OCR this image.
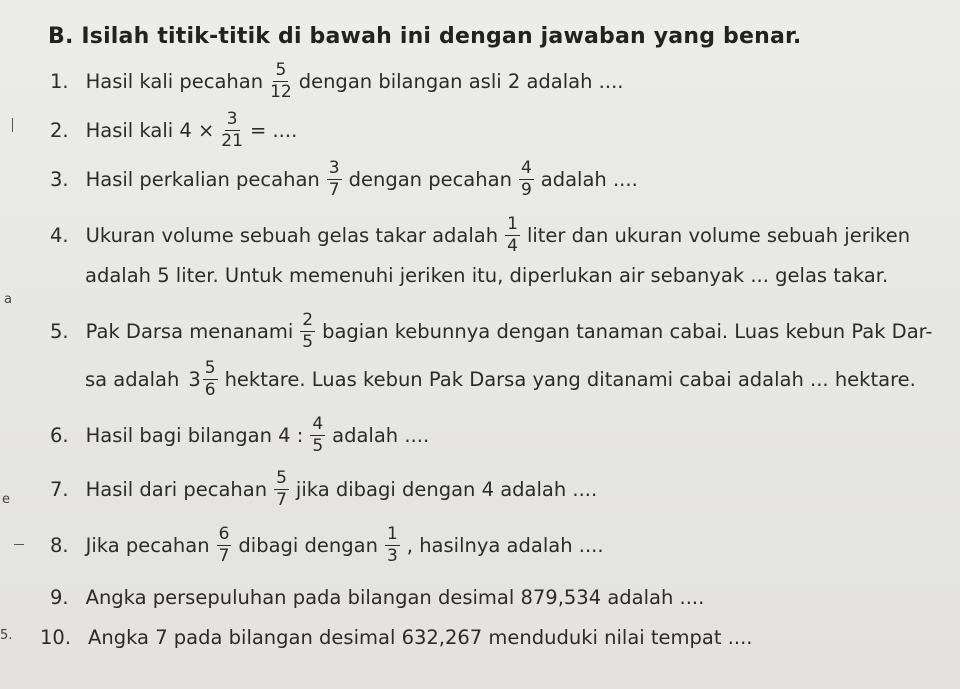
B. Isilah titik-titik di bawah ini dengan jawaban yang benar.
1. Hasil kali pecahan $\frac{5}{12}$ dengan bilangan asli 2 adalah ....
2. Hasil kali $4 \times \frac{3}{21}$ = ....
3. Hasil perkalian pecahan $\frac{3}{7}$ dengan pecahan $\frac{4}{9}$ adalah ....
4. Ukuran volume sebuah gelas takar adalah $\frac{1}{4}$ liter dan ukuran volume sebuah jeriken
adalah 5 liter. Untuk memenuhi jeriken itu, diperlukan air sebanyak ... gelas takar.
5. Pak Darsa menanami $\frac{2}{5}$ bagian kebunnya dengan tanaman cabai. Luas kebun Pak Dar-
sa adalah $3 \frac{5}{6}$ hektare. Luas kebun Pak Darsa yang ditanami cabai adalah ... hektare.
6. Hasil bagi bilangan 4 : $\frac{4}{5}$ adalah ....
7. Hasil dari pecahan $\frac{5}{7}$ jika dibagi dengan 4 adalah ....
8. Jika pecahan $\frac{6}{7}$ dibagi dengan $\frac{1}{3}$ , hasilnya adalah ....
9. Angka persepuluhan pada bilangan desimal 879,534 adalah ....
10. Angka 7 pada bilangan desimal 632,267 menduduki nilai tempat ....
a
e
5.
